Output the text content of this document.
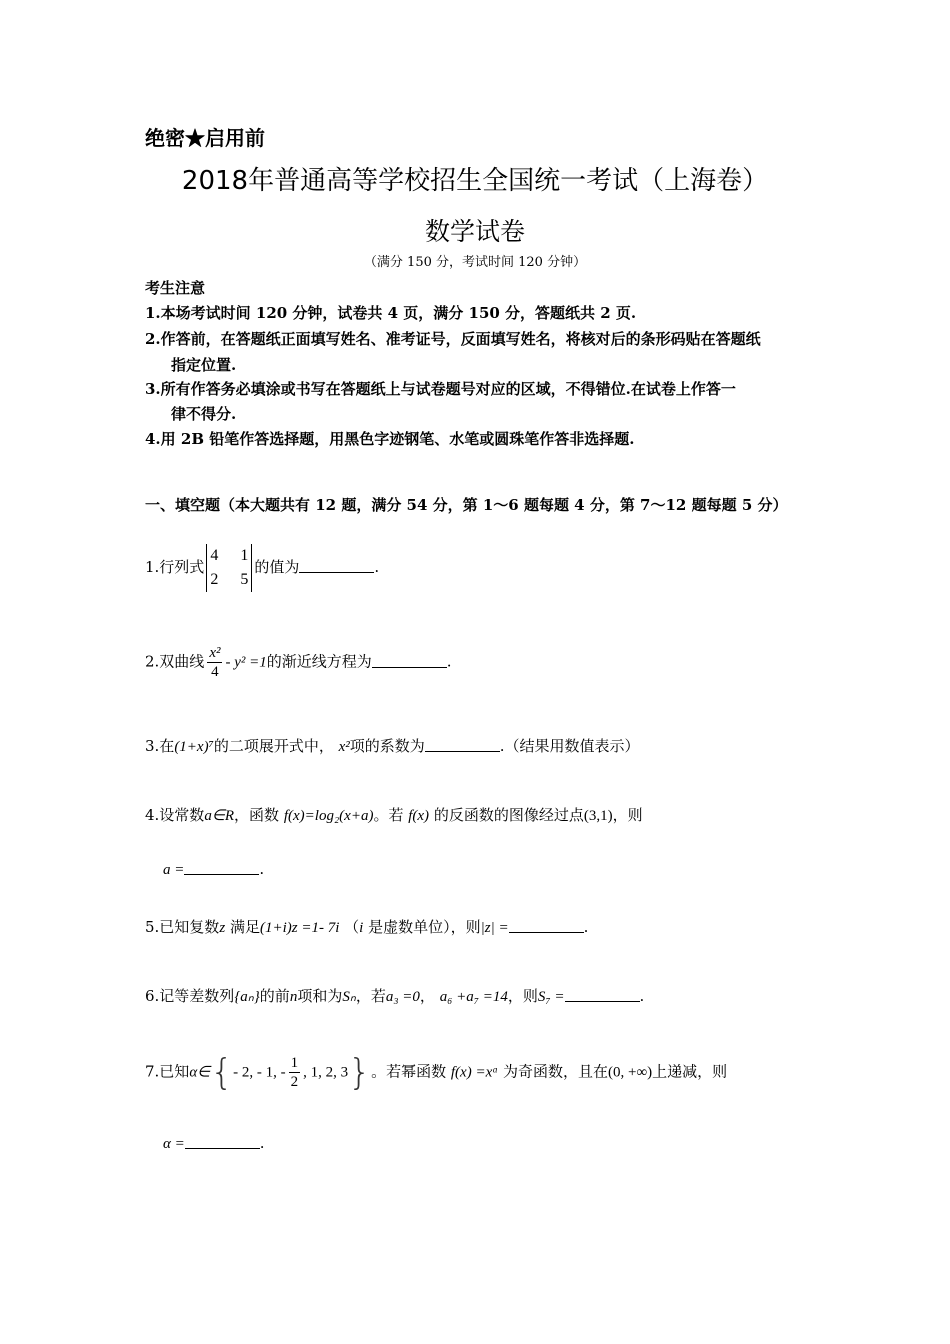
绝密★启用前
2018年普通高等学校招生全国统一考试（上海卷）
数学试卷
（满分 150 分，考试时间 120 分钟）
考生注意
1.本场考试时间 120 分钟，试卷共 4 页，满分 150 分，答题纸共 2 页.
2.作答前，在答题纸正面填写姓名、准考证号，反面填写姓名，将核对后的条形码贴在答题纸
指定位置.
3.所有作答务必填涂或书写在答题纸上与试卷题号对应的区域，不得错位.在试卷上作答一
律不得分.
4.用 2B 铅笔作答选择题，用黑色字迹钢笔、水笔或圆珠笔作答非选择题.
一、填空题（本大题共有 12 题，满分 54 分，第 1～6 题每题 4 分，第 7～12 题每题 5 分）
1.行列式
4 1
2 5
的值为	.
2.双曲线 $\frac{\text{x²}}{4} - y^2 =1$的渐近线方程为	.
3.在(1+x)⁷的二项展开式中， x²项的系数为	.（结果用数值表示）
4.设常数a∈R，函数 f(x)=log₂(x+a)。若 f(x) 的反函数的图像经过点(3,1)，则
a =	.
5.已知复数z 满足(1+i)z =1- 7i （i 是虚数单位），则|z| =	.
6.记等差数列{aₙ}的前n项和为Sₙ，若a₃ =0， a₆ +a₇ =14，则S₇ =	.
7.已知α∈{- 2, - 1, - $\frac{1}{2}$ , 1, 2, 3}。若幂函数 f(x) =xᵅ 为奇函数，且在(0, +∞)上递减，则
α =	.
